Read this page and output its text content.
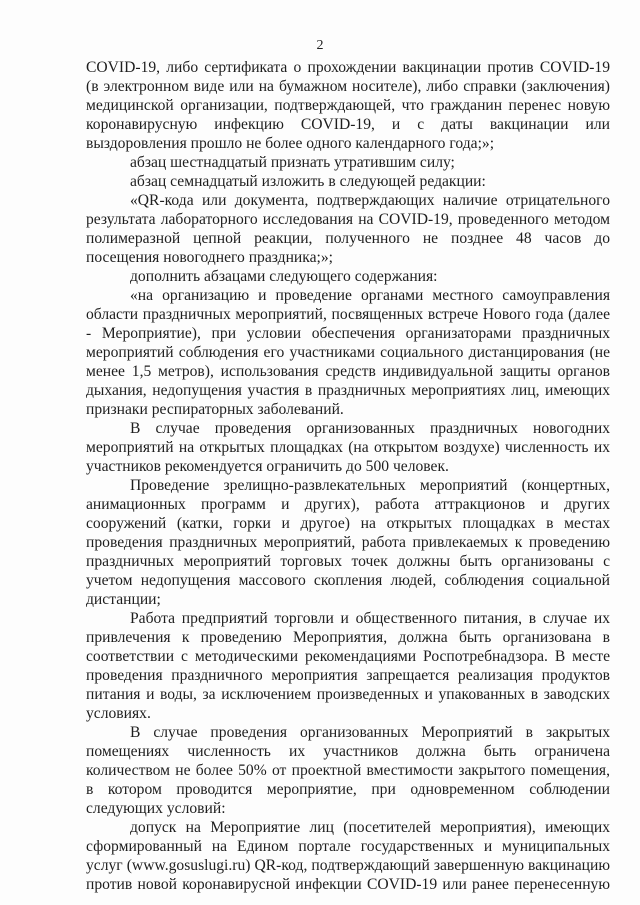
2

COVID-19, либо сертификата о прохождении вакцинации против COVID-19 (в электронном виде или на бумажном носителе), либо справки (заключения) медицинской организации, подтверждающей, что гражданин перенес новую коронавирусную инфекцию COVID-19, и с даты вакцинации или выздоровления прошло не более одного календарного года;»;

абзац шестнадцатый признать утратившим силу;

абзац семнадцатый изложить в следующей редакции:

«QR-кода или документа, подтверждающих наличие отрицательного результата лабораторного исследования на COVID-19, проведенного методом полимеразной цепной реакции, полученного не позднее 48 часов до посещения новогоднего праздника;»;

дополнить абзацами следующего содержания:

«на организацию и проведение органами местного самоуправления области праздничных мероприятий, посвященных встрече Нового года (далее - Мероприятие), при условии обеспечения организаторами праздничных мероприятий соблюдения его участниками социального дистанцирования (не менее 1,5 метров), использования средств индивидуальной защиты органов дыхания, недопущения участия в праздничных мероприятиях лиц, имеющих признаки респираторных заболеваний.

В случае проведения организованных праздничных новогодних мероприятий на открытых площадках (на открытом воздухе) численность их участников рекомендуется ограничить до 500 человек.

Проведение зрелищно-развлекательных мероприятий (концертных, анимационных программ и других), работа аттракционов и других сооружений (катки, горки и другое) на открытых площадках в местах проведения праздничных мероприятий, работа привлекаемых к проведению праздничных мероприятий торговых точек должны быть организованы с учетом недопущения массового скопления людей, соблюдения социальной дистанции;

Работа предприятий торговли и общественного питания, в случае их привлечения к проведению Мероприятия, должна быть организована в соответствии с методическими рекомендациями Роспотребнадзора. В месте проведения праздничного мероприятия запрещается реализация продуктов питания и воды, за исключением произведенных и упакованных в заводских условиях.

В случае проведения организованных Мероприятий в закрытых помещениях численность их участников должна быть ограничена количеством не более 50% от проектной вместимости закрытого помещения, в котором проводится мероприятие, при одновременном соблюдении следующих условий:

допуск на Мероприятие лиц (посетителей мероприятия), имеющих сформированный на Едином портале государственных и муниципальных услуг (www.gosuslugi.ru) QR-код, подтверждающий завершенную вакцинацию против новой коронавирусной инфекции COVID-19 или ранее перенесенную
